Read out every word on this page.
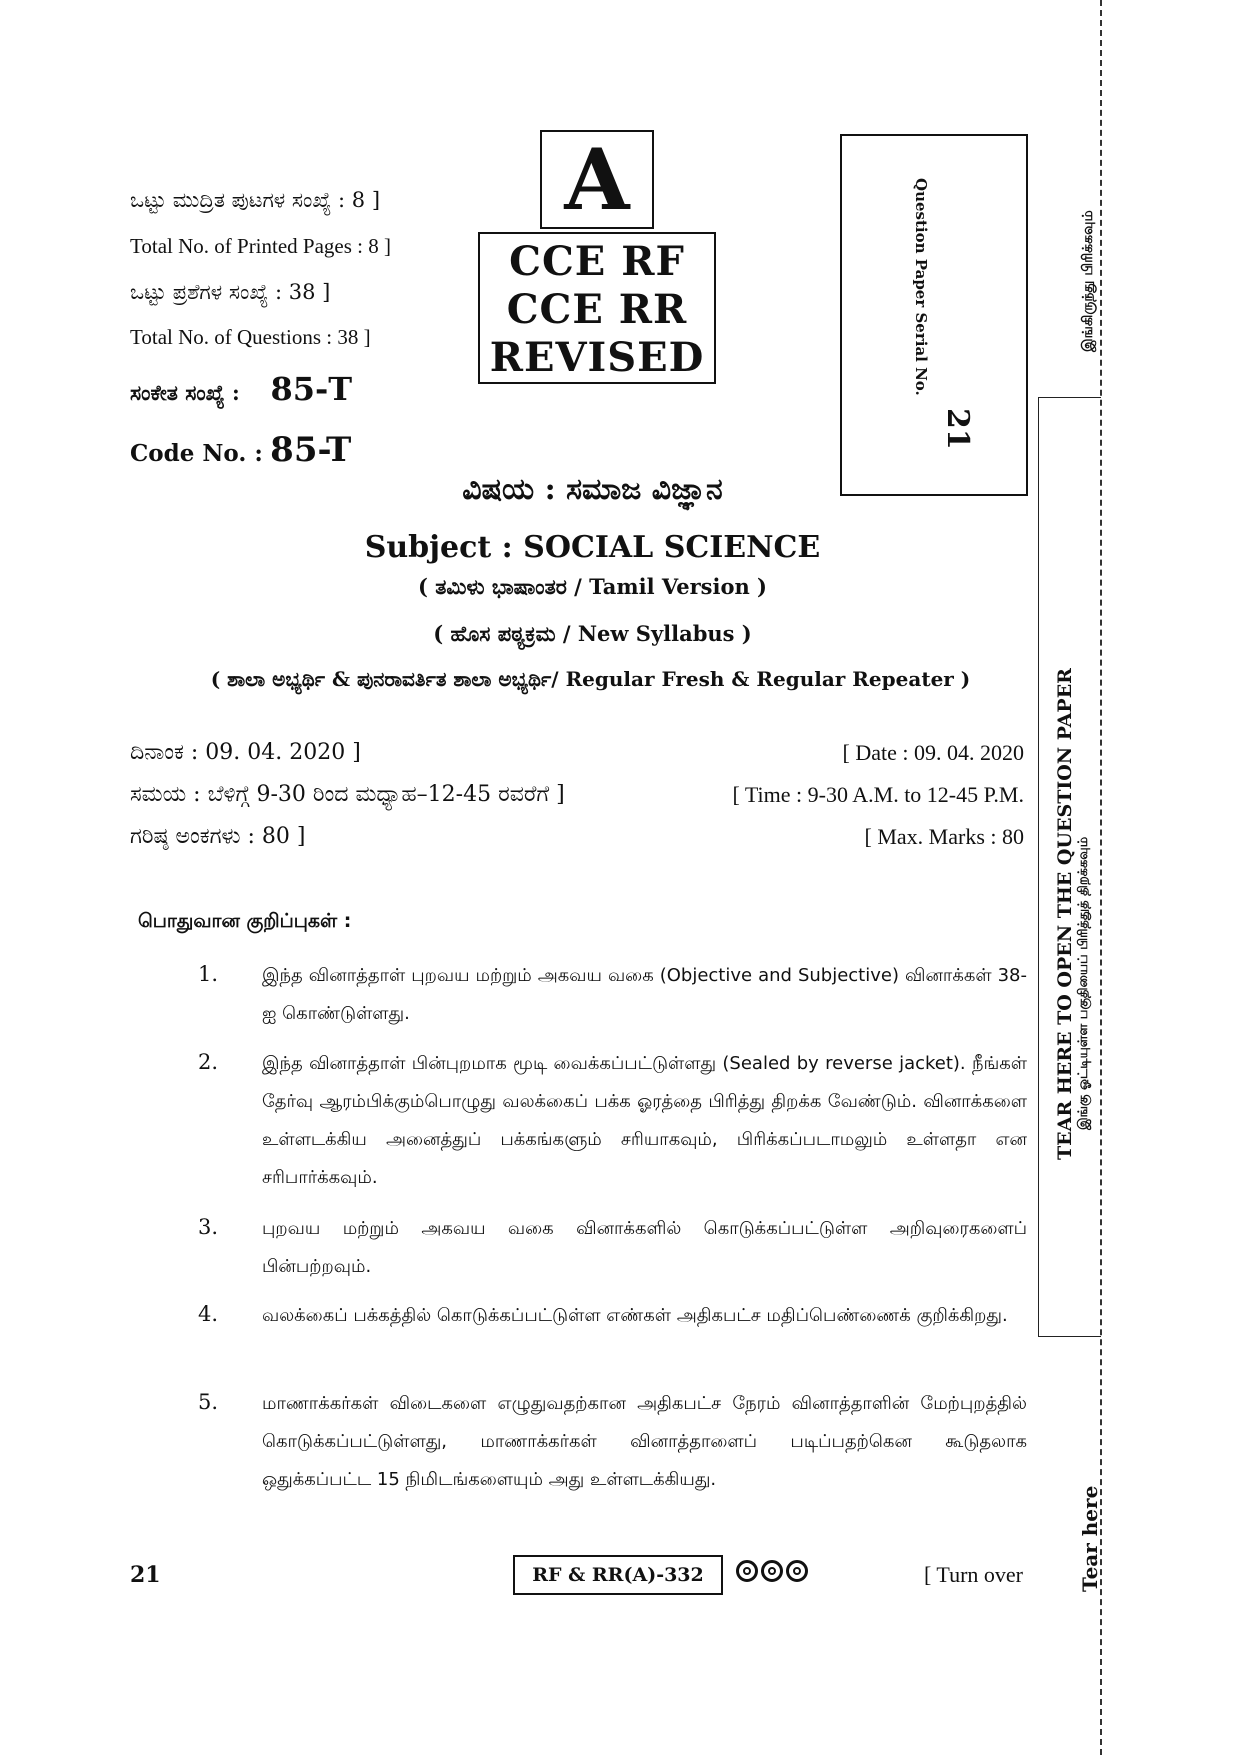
ಒಟ್ಟು ಮುದ್ರಿತ ಪುಟಗಳ ಸಂಖ್ಯೆ : 8 ]
Total No. of Printed Pages : 8 ]
ಒಟ್ಟು ಪ್ರಶೆಗಳ ಸಂಖ್ಯೆ : 38 ]
Total No. of Questions : 38 ]
ಸಂಕೇತ ಸಂಖ್ಯೆ : 85-T
Code No. : 85-T
A
CCE RF
CCE RR
REVISED	Question Paper Serial No.
21
இங்கிருந்து பிரிக்கவும்
TEAR HERE TO OPEN THE QUESTION PAPER இங்கு ஓட்டியுள்ள பகுதியைப் பிரித்துத் திறக்கவும்
Tear here
ವಿಷಯ : ಸಮಾಜ ವಿಜ್ಞಾನ
Subject : SOCIAL SCIENCE
( ತಮಿಳು ಭಾಷಾಂತರ / Tamil Version )
( ಹೊಸ ಪಠ್ಯಕ್ರಮ / New Syllabus )
( ಶಾಲಾ ಅಭ್ಯರ್ಥಿ & ಪುನರಾವರ್ತಿತ ಶಾಲಾ ಅಭ್ಯರ್ಥಿ/ Regular Fresh & Regular Repeater )
ದಿನಾಂಕ : 09. 04. 2020 ]	[ Date : 09. 04. 2020
ಸಮಯ : ಬೆಳಿಗ್ಗೆ 9-30 ರಿಂದ ಮಧ್ಯಾಹ–12-45 ರವರೆಗೆ ]	[ Time : 9-30 A.M. to 12-45 P.M.
ಗರಿಷ್ಠ ಅಂಕಗಳು : 80 ]	[ Max. Marks : 80
பொதுவான குறிப்புகள் :
1. இந்த வினாத்தாள் புறவய மற்றும் அகவய வகை (Objective and Subjective) வினாக்கள் 38-ஐ கொண்டுள்ளது.
2. இந்த வினாத்தாள் பின்புறமாக மூடி வைக்கப்பட்டுள்ளது (Sealed by reverse jacket). நீங்கள் தேர்வு ஆரம்பிக்கும்பொழுது வலக்கைப் பக்க ஓரத்தை பிரித்து திறக்க வேண்டும். வினாக்களை உள்ளடக்கிய அனைத்துப் பக்கங்களும் சரியாகவும், பிரிக்கப்படாமலும் உள்ளதா என சரிபார்க்கவும்.
3. புறவய மற்றும் அகவய வகை வினாக்களில் கொடுக்கப்பட்டுள்ள அறிவுரைகளைப் பின்பற்றவும்.
4. வலக்கைப் பக்கத்தில் கொடுக்கப்பட்டுள்ள எண்கள் அதிகபட்ச மதிப்பெண்ணைக் குறிக்கிறது.
5. மாணாக்கர்கள் விடைகளை எழுதுவதற்கான அதிகபட்ச நேரம் வினாத்தாளின் மேற்புறத்தில் கொடுக்கப்பட்டுள்ளது, மாணாக்கர்கள் வினாத்தாளைப் படிப்பதற்கென கூடுதலாக ஒதுக்கப்பட்ட 15 நிமிடங்களையும் அது உள்ளடக்கியது.
21	RF & RR(A)-332	[ Turn over
